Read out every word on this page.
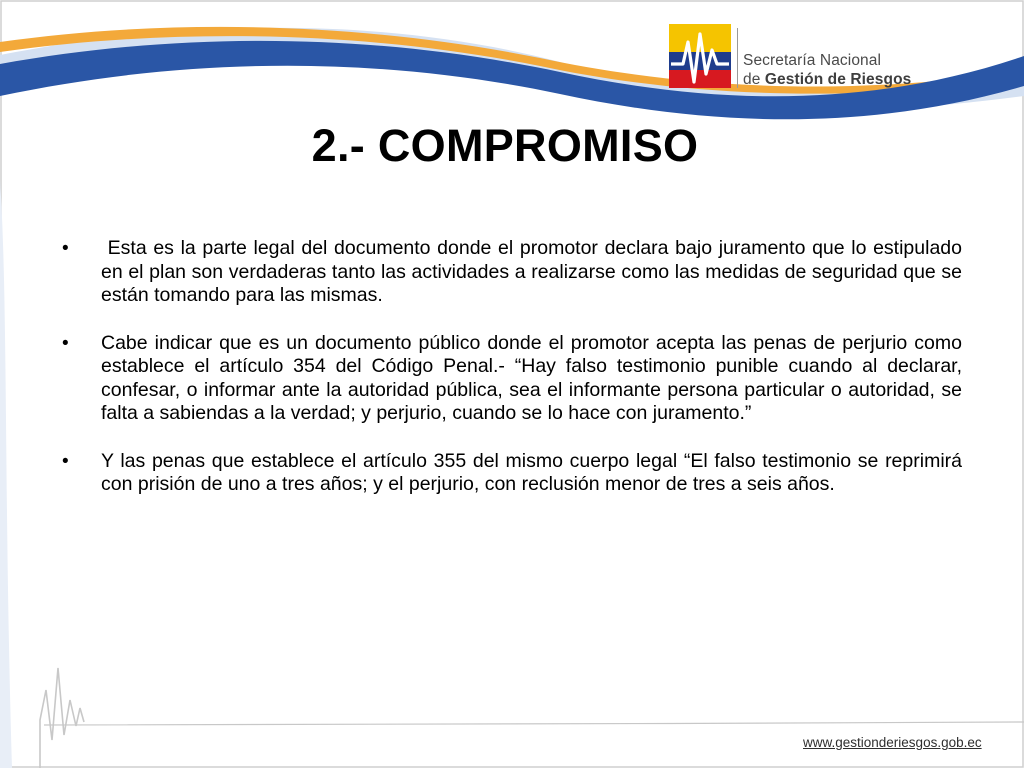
Secretaría Nacional
de Gestión de Riesgos
2.- COMPROMISO
• Esta es la parte legal del documento donde el promotor declara bajo juramento que lo estipulado en el plan son verdaderas tanto las actividades a realizarse como las medidas de seguridad que se están tomando para las mismas.

• Cabe indicar que es un documento público donde el promotor acepta las penas de perjurio como establece el artículo 354 del Código Penal.- “Hay falso testimonio punible cuando al declarar, confesar, o informar ante la autoridad pública, sea el informante persona particular o autoridad, se falta a sabiendas a la verdad; y perjurio, cuando se lo hace con juramento.”

• Y las penas que establece el artículo 355 del mismo cuerpo legal “El falso testimonio se reprimirá con prisión de uno a tres años; y el perjurio, con reclusión menor de tres a seis años.

www.gestionderiesgos.gob.ec
